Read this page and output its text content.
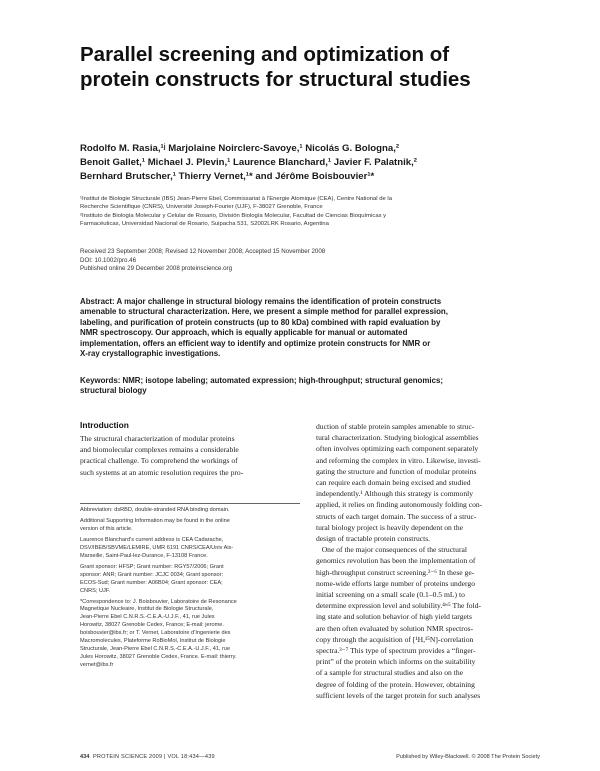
Parallel screening and optimization of
protein constructs for structural studies
Rodolfo M. Rasia,¹ʲ Marjolaine Noirclerc-Savoye,¹ Nicolás G. Bologna,²
Benoit Gallet,¹ Michael J. Plevin,¹ Laurence Blanchard,¹ Javier F. Palatnik,²
Bernhard Brutscher,¹ Thierry Vernet,¹* and Jérôme Boisbouvier¹*
¹Institut de Biologie Structurale (IBS) Jean-Pierre Ebel, Commissariat à l’Energie Atomique (CEA), Centre National de la
Recherche Scientifique (CNRS), Université Joseph-Fourier (UJF), F-38027 Grenoble, France
²Instituto de Biología Molecular y Celular de Rosario, División Biología Molecular, Facultad de Ciencias Bioquímicas y
Farmacéuticas, Universidad Nacional de Rosario, Suipacha 531, S2002LRK Rosario, Argentina
Received 23 September 2008; Revised 12 November 2008; Accepted 15 November 2008
DOI: 10.1002/pro.46
Published online 29 December 2008 proteinscience.org
Abstract: A major challenge in structural biology remains the identification of protein constructs
amenable to structural characterization. Here, we present a simple method for parallel expression,
labeling, and purification of protein constructs (up to 80 kDa) combined with rapid evaluation by
NMR spectroscopy. Our approach, which is equally applicable for manual or automated
implementation, offers an efficient way to identify and optimize protein constructs for NMR or
X-ray crystallographic investigations.
Keywords: NMR; isotope labeling; automated expression; high-throughput; structural genomics;
structural biology
Introduction
The structural characterization of modular proteins
and biomolecular complexes remains a considerable
practical challenge. To comprehend the workings of
such systems at an atomic resolution requires the pro-
Abbreviation: dsRBD, double-stranded RNA binding domain.
Additional Supporting Information may be found in the online
version of this article.
Laurence Blanchard’s current address is CEA Cadarache,
DSV/IBEB/SBVME/LEMIRE, UMR 6191 CNRS/CEA/Univ Aix-
Marseille, Saint-Paul-lez-Durance, F-13108 France.
Grant sponsor: HFSP; Grant number: RGY57/2006; Grant
sponsor: ANR; Grant number: JCJC 0034; Grant sponsor:
ECOS-Sud; Grant number: A06B04; Grant sponsor: CEA;
CNRS; UJF.
*Correspondence to: J. Boisbouvier, Laboratoire de Resonance
Magnetique Nucleaire, Institut de Biologie Structurale,
Jean-Pierre Ebel C.N.R.S.-C.E.A.-U.J.F., 41, rue Jules
Horowitz, 38027 Grenoble Cedex, France; E-mail: jerome.
boisbouvier@ibs.fr; or T. Vernet, Laboratoire d’Ingenierie des
Macromolecules, Plateforme RoBioMol, Institut de Biologie
Structurale, Jean-Pierre Ebel C.N.R.S.-C.E.A.-U.J.F., 41, rue
Jules Horowitz, 38027 Grenoble Cedex, France. E-mail: thierry.
vernet@ibs.fr
duction of stable protein samples amenable to struc-
tural characterization. Studying biological assemblies
often involves optimizing each component separately
and reforming the complex in vitro. Likewise, investi-
gating the structure and function of modular proteins
can require each domain being excised and studied
independently.¹ Although this strategy is commonly
applied, it relies on finding autonomously folding con-
structs of each target domain. The success of a struc-
tural biology project is heavily dependent on the
design of tractable protein constructs.
One of the major consequences of the structural
genomics revolution has been the implementation of
high-throughput construct screening.²⁻⁶ In these ge-
nome-wide efforts large number of proteins undergo
initial screening on a small scale (0.1–0.5 mL) to
determine expression level and solubility.⁴ʷ⁵ The fold-
ing state and solution behavior of high yield targets
are then often evaluated by solution NMR spectros-
copy through the acquisition of [¹H,¹⁵N]-correlation
spectra.³⁻⁷ This type of spectrum provides a “finger-
print” of the protein which informs on the suitability
of a sample for structural studies and also on the
degree of folding of the protein. However, obtaining
sufficient levels of the target protein for such analyses
434 PROTEIN SCIENCE 2009 | VOL 18:434—439	Published by Wiley-Blackwell. © 2008 The Protein Society
